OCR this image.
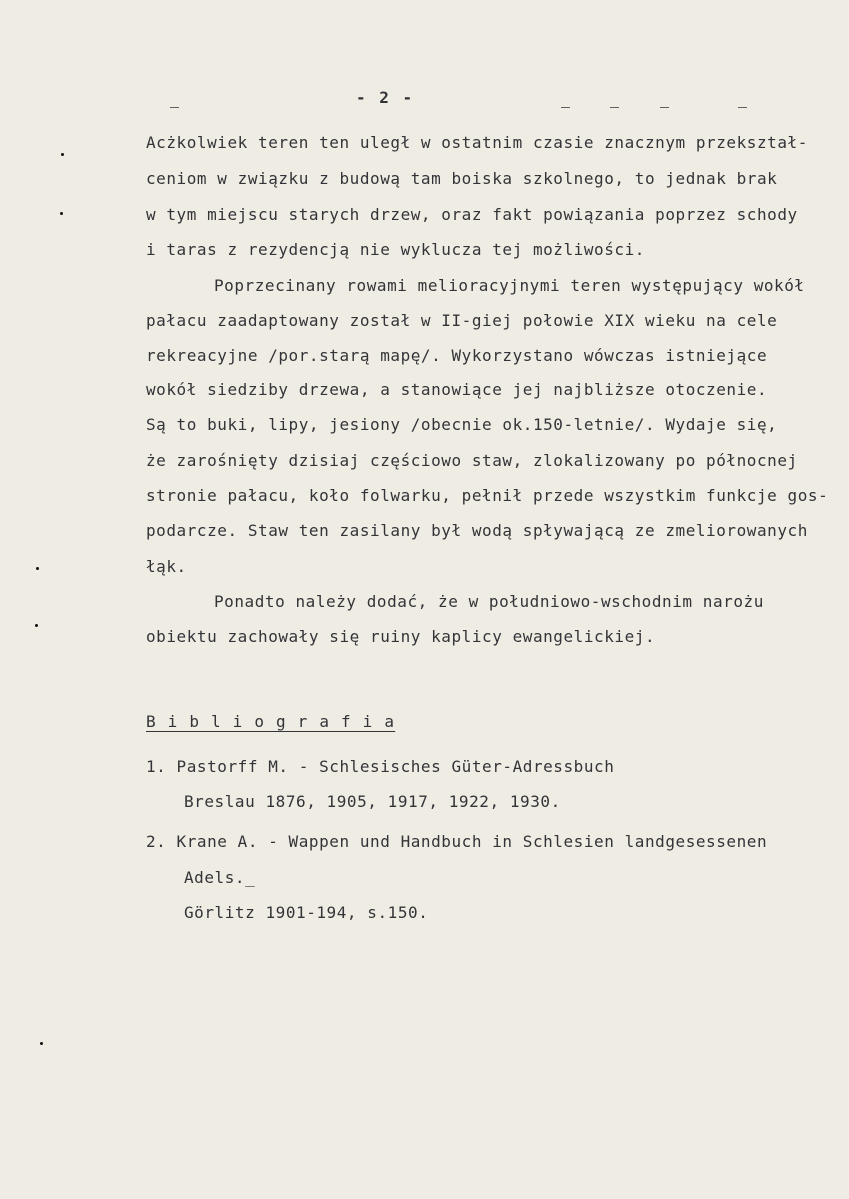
- 2 -
Acżkolwiek teren ten uległ w ostatnim czasie znacznym przekształ-
ceniom w związku z budową tam boiska szkolnego, to jednak brak
w tym miejscu starych drzew, oraz fakt powiązania poprzez schody
i taras z rezydencją nie wyklucza tej możliwości.
Poprzecinany rowami melioracyjnymi teren występujący wokół
pałacu zaadaptowany został w II-giej połowie XIX wieku na cele
rekreacyjne /por.starą mapę/. Wykorzystano wówczas istniejące
wokół siedziby drzewa, a stanowiące jej najbliższe otoczenie.
Są to buki, lipy, jesiony /obecnie ok.150-letnie/. Wydaje się,
że zarośnięty dzisiaj częściowo staw, zlokalizowany po północnej
stronie pałacu, koło folwarku, pełnił przede wszystkim funkcje gos-
podarcze. Staw ten zasilany był wodą spływającą ze zmeliorowanych
łąk.
Ponadto należy dodać, że w południowo-wschodnim narożu
obiektu zachowały się ruiny kaplicy ewangelickiej.
B i b l i o g r a f i a
1. Pastorff M. - Schlesisches Güter-Adressbuch
Breslau 1876, 1905, 1917, 1922, 1930.
2. Krane A. - Wappen und Handbuch in Schlesien landgesessenen
Adels._
Görlitz 1901-194, s.150.
